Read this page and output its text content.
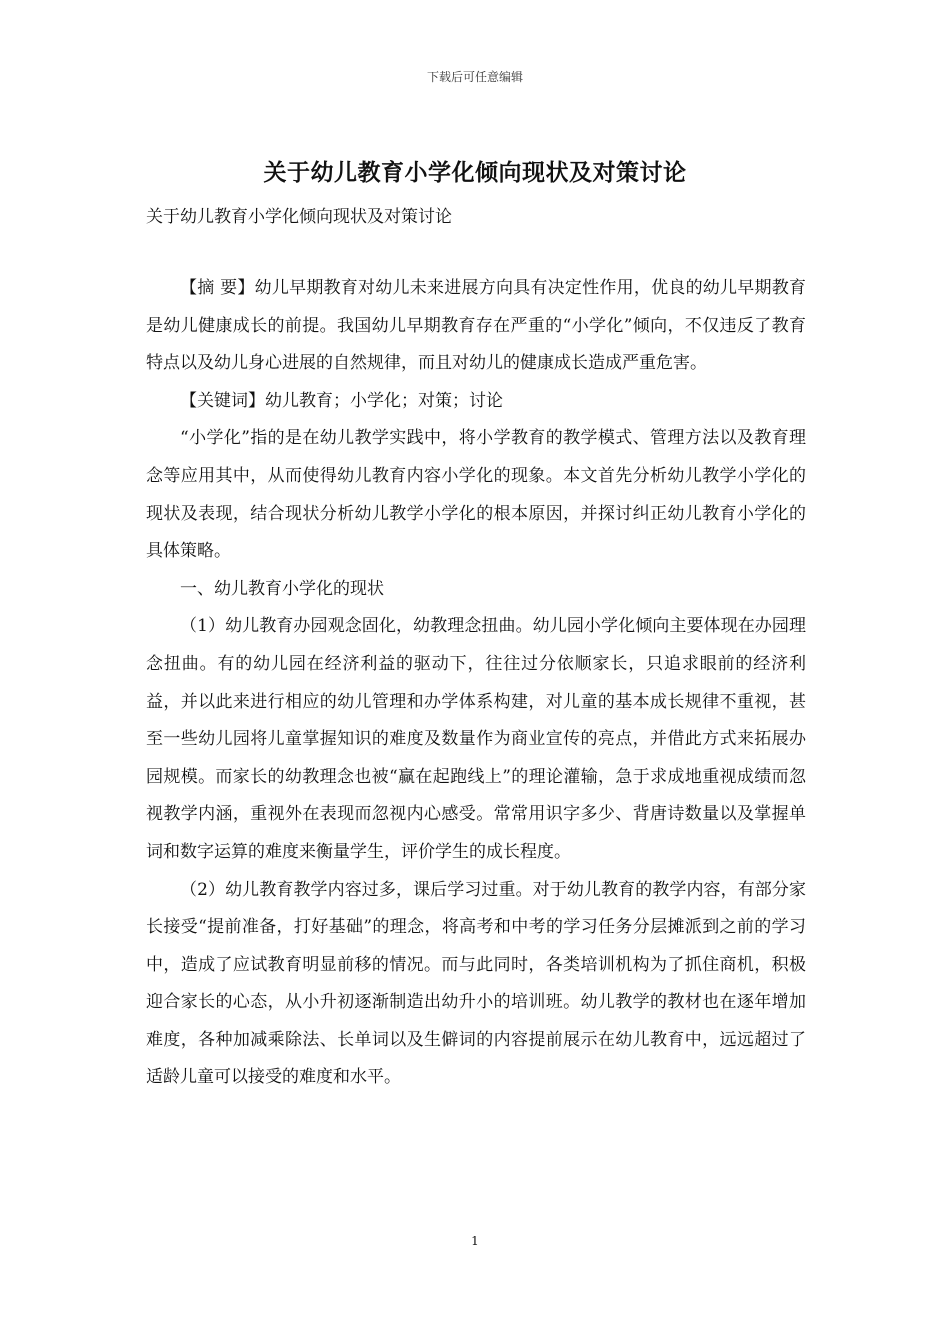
下载后可任意编辑
关于幼儿教育小学化倾向现状及对策讨论
关于幼儿教育小学化倾向现状及对策讨论

【摘 要】幼儿早期教育对幼儿未来进展方向具有决定性作用，优良的幼儿早期教育是幼儿健康成长的前提。我国幼儿早期教育存在严重的“小学化”倾向，不仅违反了教育特点以及幼儿身心进展的自然规律，而且对幼儿的健康成长造成严重危害。

【关键词】幼儿教育；小学化；对策；讨论

“小学化”指的是在幼儿教学实践中，将小学教育的教学模式、管理方法以及教育理念等应用其中，从而使得幼儿教育内容小学化的现象。本文首先分析幼儿教学小学化的现状及表现，结合现状分析幼儿教学小学化的根本原因，并探讨纠正幼儿教育小学化的具体策略。

一、幼儿教育小学化的现状

（1）幼儿教育办园观念固化，幼教理念扭曲。幼儿园小学化倾向主要体现在办园理念扭曲。有的幼儿园在经济利益的驱动下，往往过分依顺家长，只追求眼前的经济利益，并以此来进行相应的幼儿管理和办学体系构建，对儿童的基本成长规律不重视，甚至一些幼儿园将儿童掌握知识的难度及数量作为商业宣传的亮点，并借此方式来拓展办园规模。而家长的幼教理念也被“赢在起跑线上”的理论灌输，急于求成地重视成绩而忽视教学内涵，重视外在表现而忽视内心感受。常常用识字多少、背唐诗数量以及掌握单词和数字运算的难度来衡量学生，评价学生的成长程度。

（2）幼儿教育教学内容过多，课后学习过重。对于幼儿教育的教学内容，有部分家长接受“提前准备，打好基础”的理念，将高考和中考的学习任务分层摊派到之前的学习中，造成了应试教育明显前移的情况。而与此同时，各类培训机构为了抓住商机，积极迎合家长的心态，从小升初逐渐制造出幼升小的培训班。幼儿教学的教材也在逐年增加难度，各种加减乘除法、长单词以及生僻词的内容提前展示在幼儿教育中，远远超过了适龄儿童可以接受的难度和水平。

1
